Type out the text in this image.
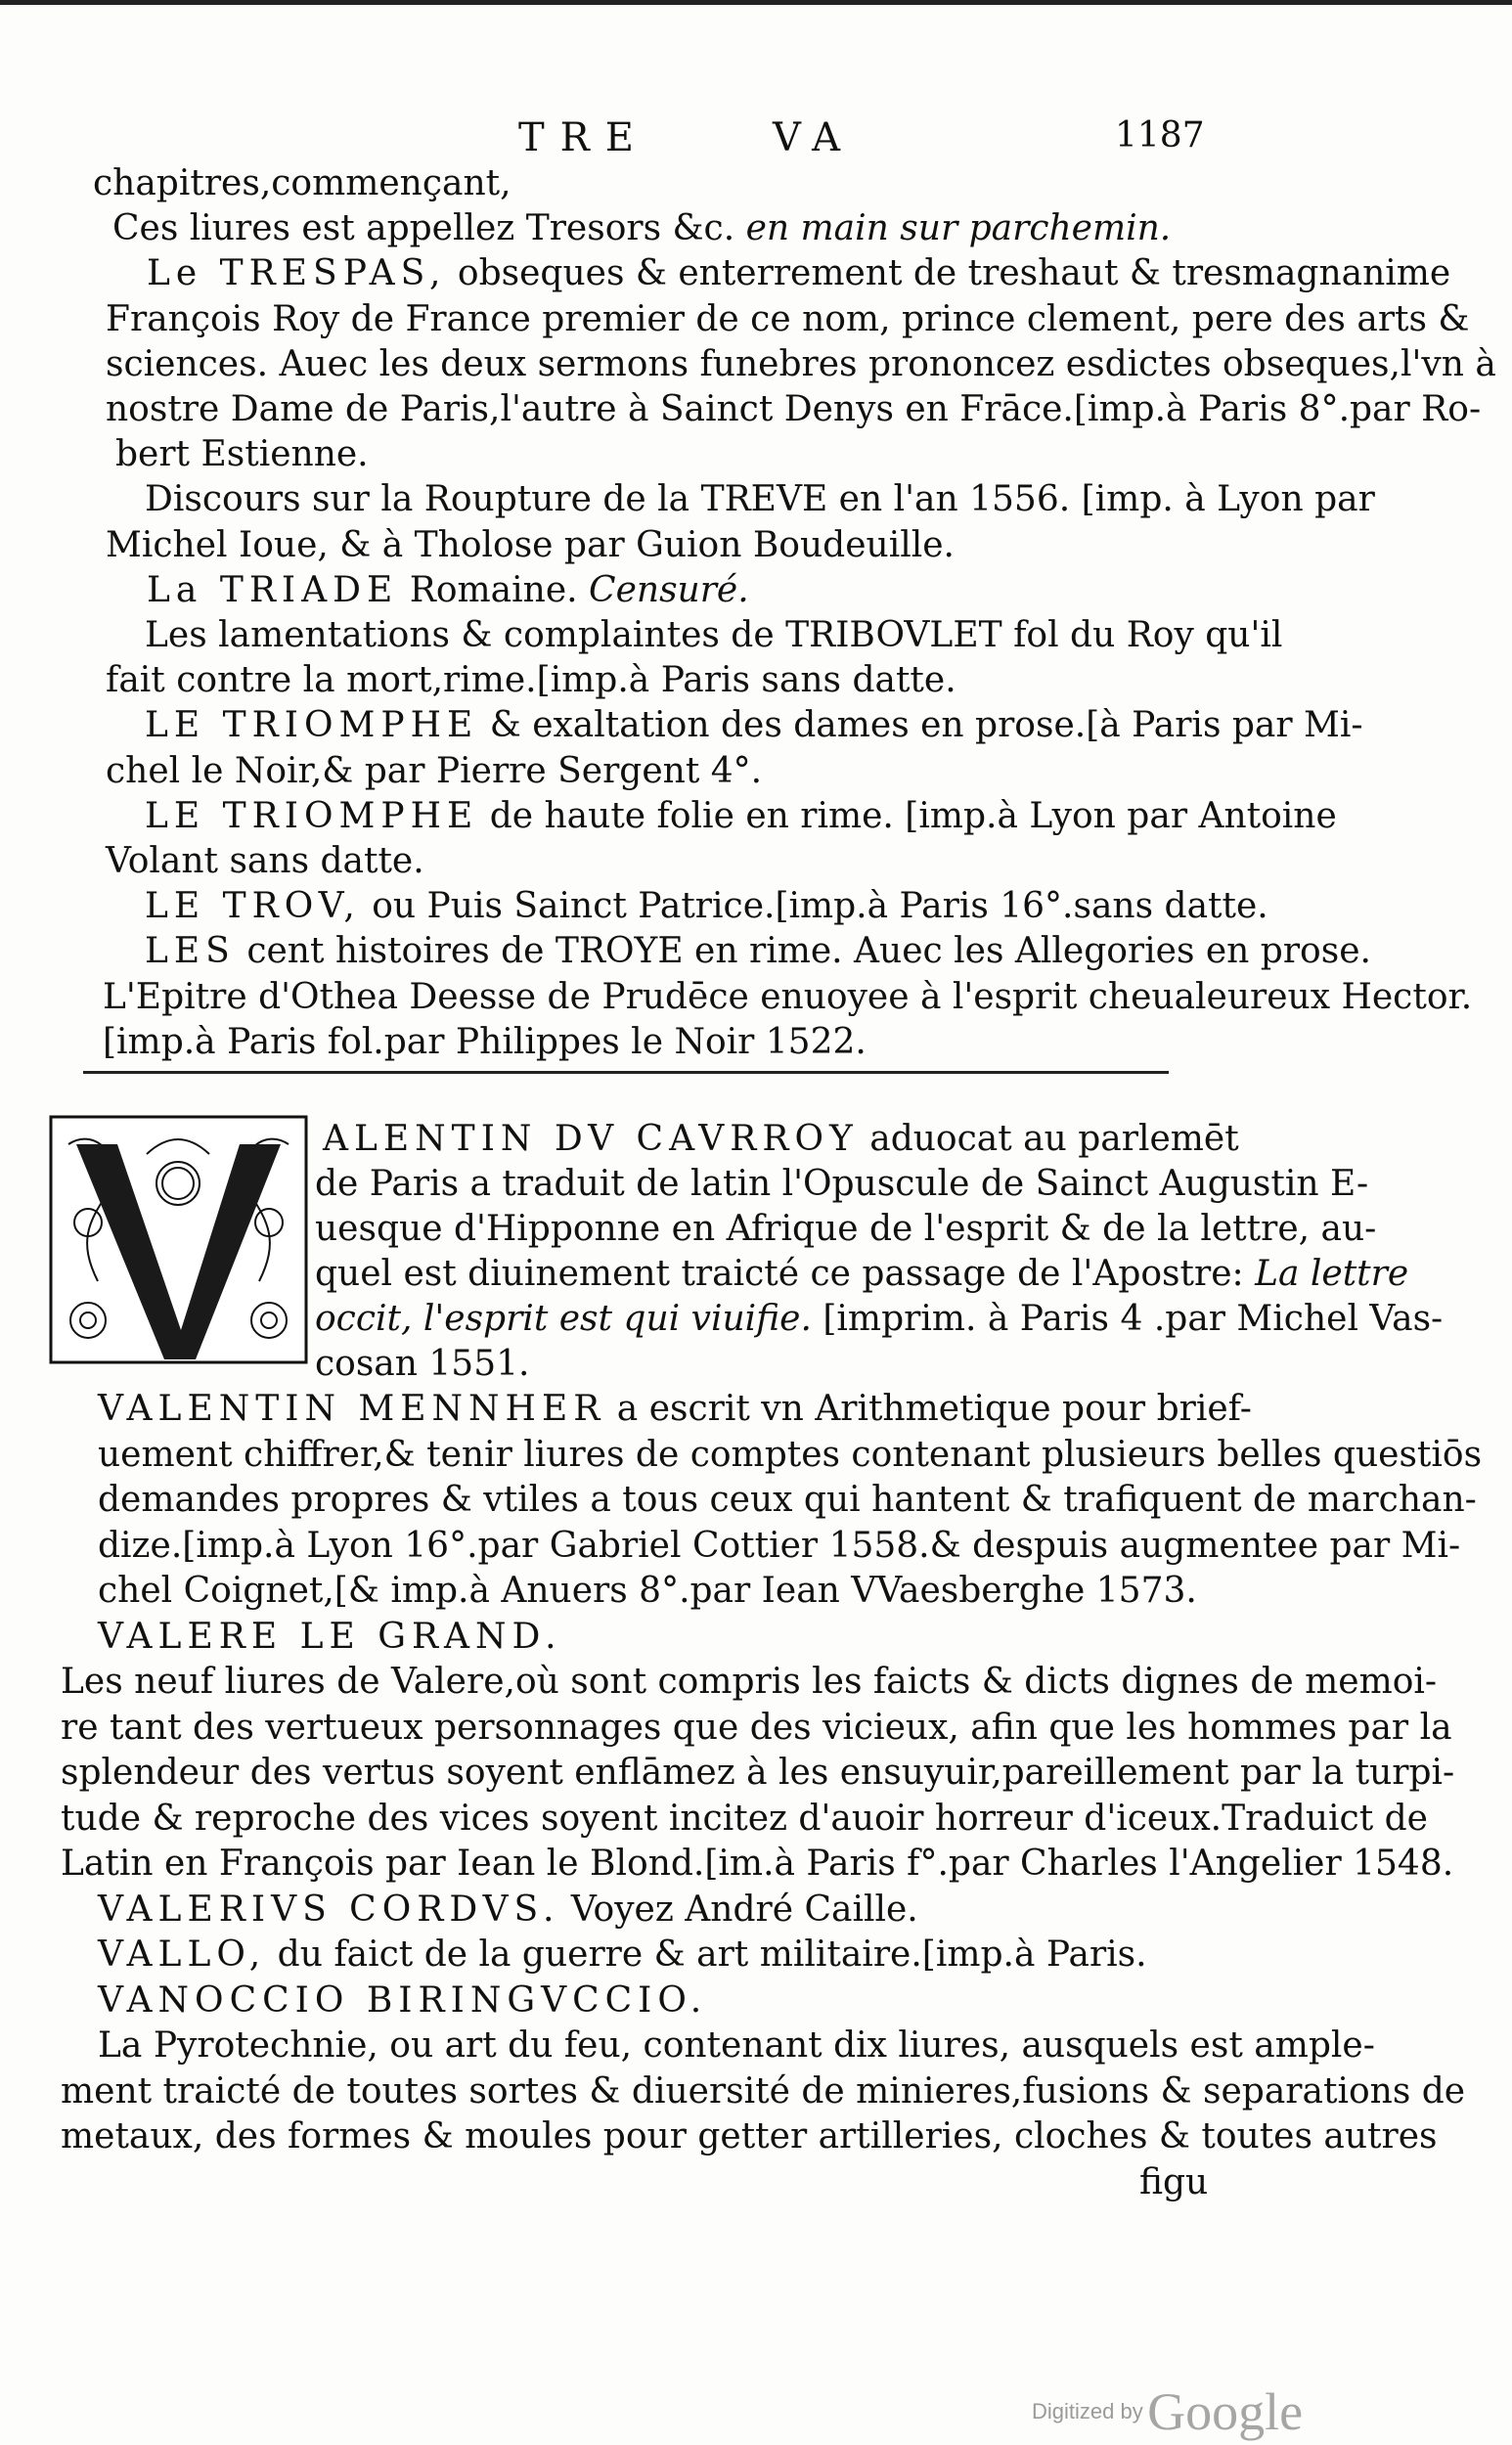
TRE	VA	1187
chapitres,commençant,
Ces liures est appellez Tresors &c. en main sur parchemin.
Le TRESPAS, obseques & enterrement de treshaut & tresmagnanime
François Roy de France premier de ce nom, prince clement, pere des arts &
sciences. Auec les deux sermons funebres prononcez esdictes obseques,l'vn à
nostre Dame de Paris,l'autre à Sainct Denys en Frāce.[imp.à Paris 8°.par Ro-
bert Estienne.
Discours sur la Roupture de la TREVE en l'an 1556. [imp. à Lyon par
Michel Ioue, & à Tholose par Guion Boudeuille.
La TRIADE Romaine. Censuré.
Les lamentations & complaintes de TRIBOVLET fol du Roy qu'il
fait contre la mort,rime.[imp.à Paris sans datte.
LE TRIOMPHE & exaltation des dames en prose.[à Paris par Mi-
chel le Noir,& par Pierre Sergent 4°.
LE TRIOMPHE de haute folie en rime. [imp.à Lyon par Antoine
Volant sans datte.
LE TROV, ou Puis Sainct Patrice.[imp.à Paris 16°.sans datte.
LES cent histoires de TROYE en rime. Auec les Allegories en prose.
L'Epitre d'Othea Deesse de Prudēce enuoyee à l'esprit cheualeureux Hector.
[imp.à Paris fol.par Philippes le Noir 1522.
ALENTIN DV CAVRROY aduocat au parlemēt
de Paris a traduit de latin l'Opuscule de Sainct Augustin E-
uesque d'Hipponne en Afrique de l'esprit & de la lettre, au-
quel est diuinement traicté ce passage de l'Apostre: La lettre
occit, l'esprit est qui viuifie. [imprim. à Paris 4 .par Michel Vas-
cosan 1551.
VALENTIN MENNHER a escrit vn Arithmetique pour brief-
uement chiffrer,& tenir liures de comptes contenant plusieurs belles questiōs
demandes propres & vtiles a tous ceux qui hantent & trafiquent de marchan-
dize.[imp.à Lyon 16°.par Gabriel Cottier 1558.& despuis augmentee par Mi-
chel Coignet,[& imp.à Anuers 8°.par Iean VVaesberghe 1573.
VALERE LE GRAND.
Les neuf liures de Valere,où sont compris les faicts & dicts dignes de memoi-
re tant des vertueux personnages que des vicieux, afin que les hommes par la
splendeur des vertus soyent enflāmez à les ensuyuir,pareillement par la turpi-
tude & reproche des vices soyent incitez d'auoir horreur d'iceux.Traduict de
Latin en François par Iean le Blond.[im.à Paris f°.par Charles l'Angelier 1548.
VALERIVS CORDVS. Voyez André Caille.
VALLO, du faict de la guerre & art militaire.[imp.à Paris.
VANOCCIO BIRINGVCCIO.
La Pyrotechnie, ou art du feu, contenant dix liures, ausquels est ample-
ment traicté de toutes sortes & diuersité de minieres,fusions & separations de
metaux, des formes & moules pour getter artilleries, cloches & toutes autres
figu
Digitized by Google
